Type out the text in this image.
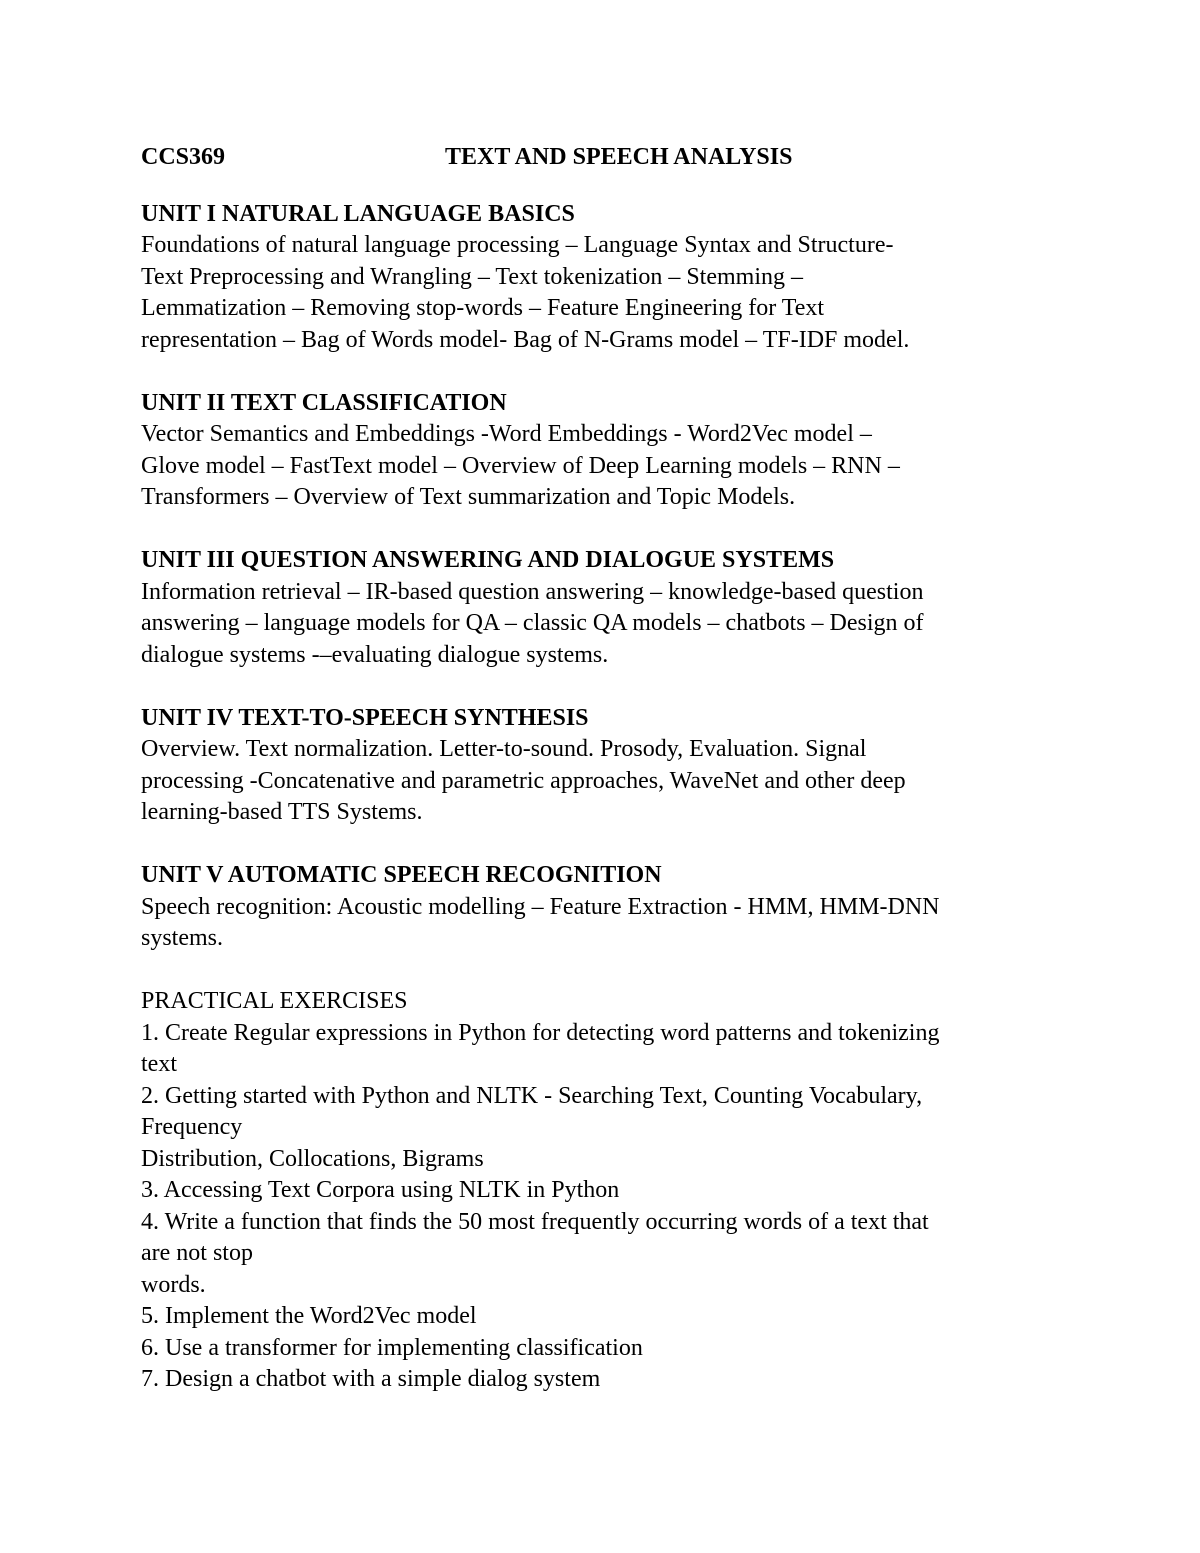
CCS369	TEXT AND SPEECH ANALYSIS
UNIT I NATURAL LANGUAGE BASICS
Foundations of natural language processing – Language Syntax and Structure-
Text Preprocessing and Wrangling – Text tokenization – Stemming –
Lemmatization – Removing stop-words – Feature Engineering for Text
representation – Bag of Words model- Bag of N-Grams model – TF-IDF model.
UNIT II TEXT CLASSIFICATION
Vector Semantics and Embeddings -Word Embeddings - Word2Vec model –
Glove model – FastText model – Overview of Deep Learning models – RNN –
Transformers – Overview of Text summarization and Topic Models.
UNIT III QUESTION ANSWERING AND DIALOGUE SYSTEMS
Information retrieval – IR-based question answering – knowledge-based question
answering – language models for QA – classic QA models – chatbots – Design of
dialogue systems -–evaluating dialogue systems.
UNIT IV TEXT-TO-SPEECH SYNTHESIS
Overview. Text normalization. Letter-to-sound. Prosody, Evaluation. Signal
processing -Concatenative and parametric approaches, WaveNet and other deep
learning-based TTS Systems.
UNIT V AUTOMATIC SPEECH RECOGNITION
Speech recognition: Acoustic modelling – Feature Extraction - HMM, HMM-DNN
systems.
PRACTICAL EXERCISES
1. Create Regular expressions in Python for detecting word patterns and tokenizing
text
2. Getting started with Python and NLTK - Searching Text, Counting Vocabulary,
Frequency
Distribution, Collocations, Bigrams
3. Accessing Text Corpora using NLTK in Python
4. Write a function that finds the 50 most frequently occurring words of a text that
are not stop
words.
5. Implement the Word2Vec model
6. Use a transformer for implementing classification
7. Design a chatbot with a simple dialog system
